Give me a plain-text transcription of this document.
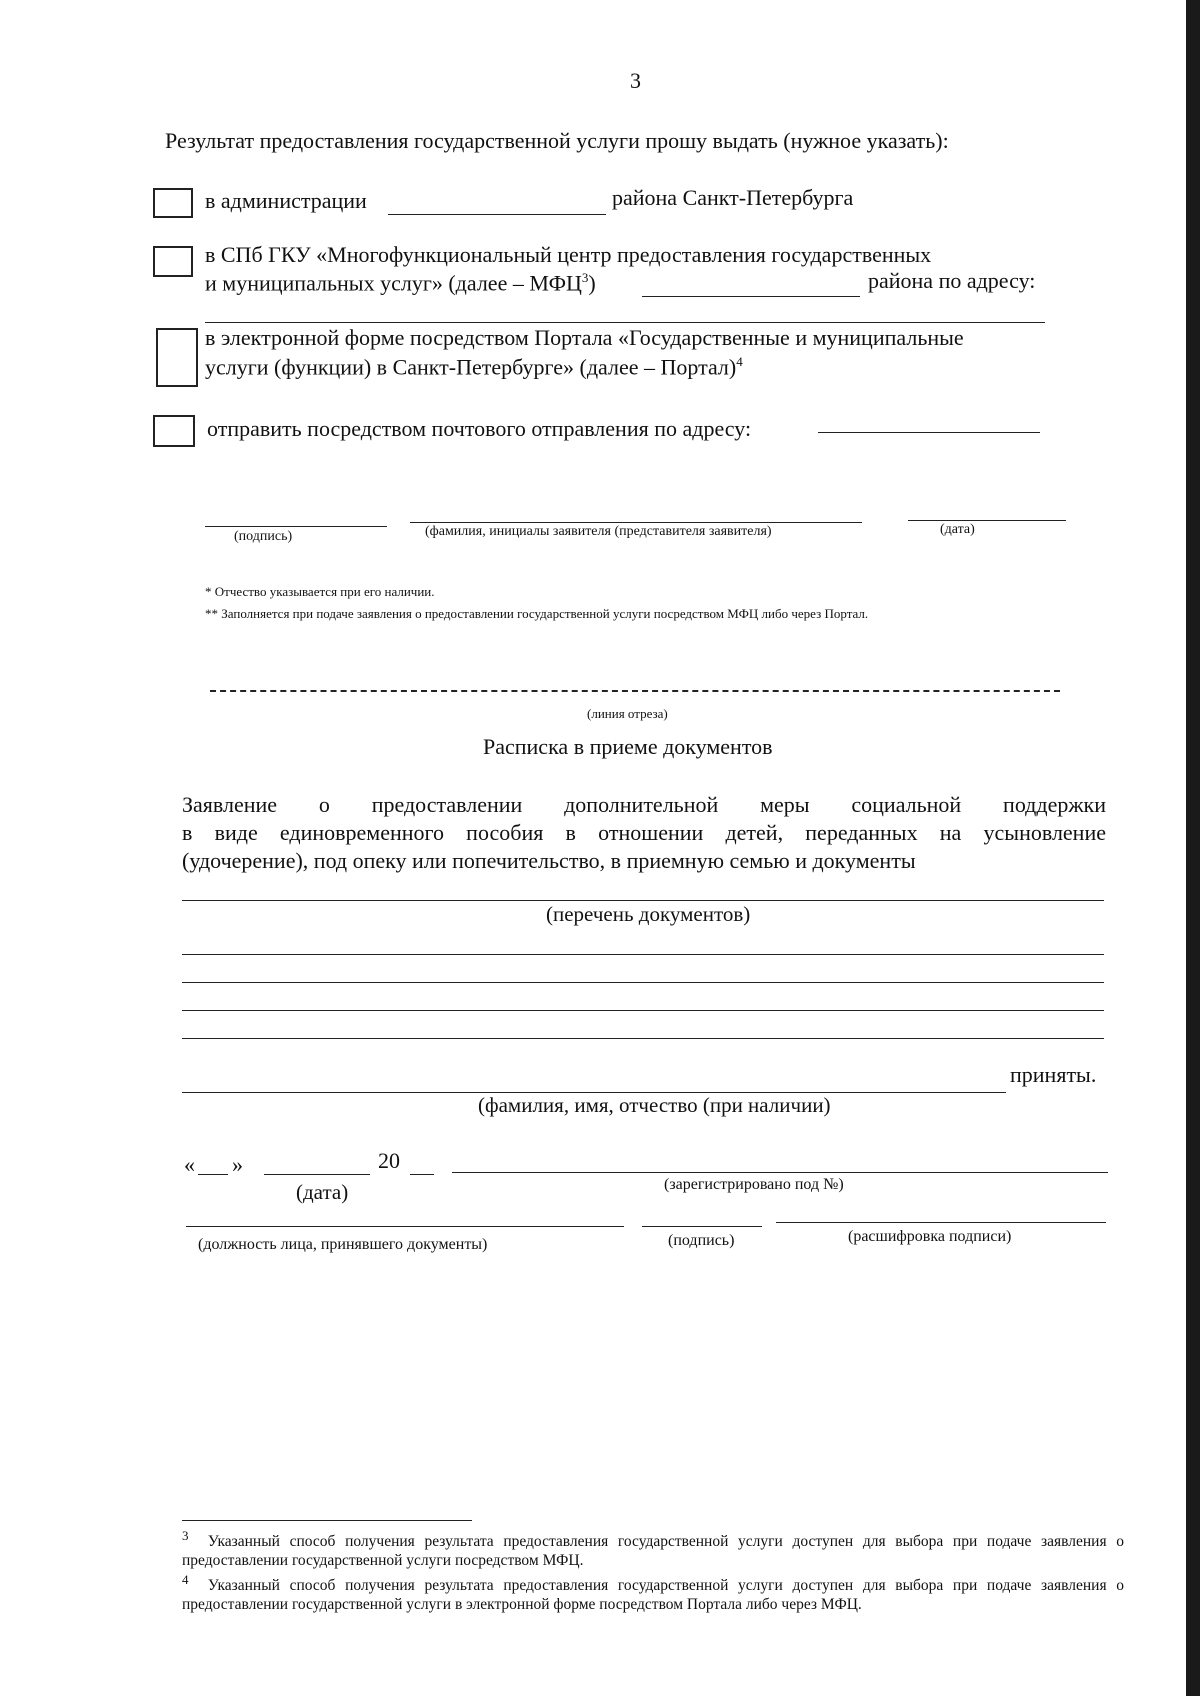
3
Результат предоставления государственной услуги прошу выдать (нужное указать):
в администрации	района Санкт-Петербурга
в СПб ГКУ «Многофункциональный центр предоставления государственных
и муниципальных услуг» (далее – МФЦ$^3$)	района по адресу:
в электронной форме посредством Портала «Государственные и муниципальные
услуги (функции) в Санкт-Петербурге» (далее – Портал)$^4$
отправить посредством почтового отправления по адресу:
(подпись)	(фамилия, инициалы заявителя (представителя заявителя)	(дата)
* Отчество указывается при его наличии.
** Заполняется при подаче заявления о предоставлении государственной услуги посредством МФЦ либо через Портал.
(линия отреза)
Расписка в приеме документов
Заявление о предоставлении дополнительной меры социальной поддержки
в виде единовременного пособия в отношении детей, переданных на усыновление
(удочерение), под опеку или попечительство, в приемную семью и документы
(перечень документов)
приняты.
(фамилия, имя, отчество (при наличии)
« »	20
(дата)	(зарегистрировано под №)
(должность лица, принявшего документы)	(подпись)	(расшифровка подписи)
$^3$ Указанный способ получения результата предоставления государственной услуги доступен для выбора при подаче заявления о предоставлении государственной услуги посредством МФЦ.
$^4$ Указанный способ получения результата предоставления государственной услуги доступен для выбора при подаче заявления о предоставлении государственной услуги в электронной форме посредством Портала либо через МФЦ.
